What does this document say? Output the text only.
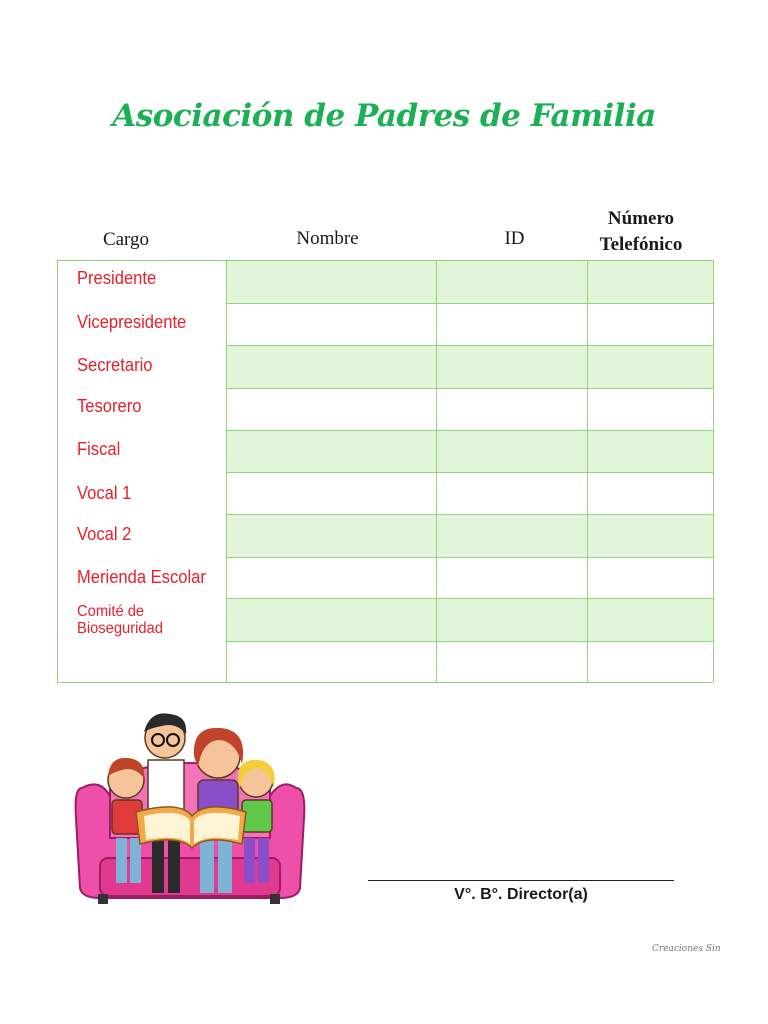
Asociación de Padres de Familia
Cargo	Nombre	ID
Número
Telefónico
Presidente
Vicepresidente
Secretario
Tesorero
Fiscal
Vocal 1
Vocal 2
Merienda Escolar
Comité de Bioseguridad
V°. B°. Director(a)
Creaciones Sin
